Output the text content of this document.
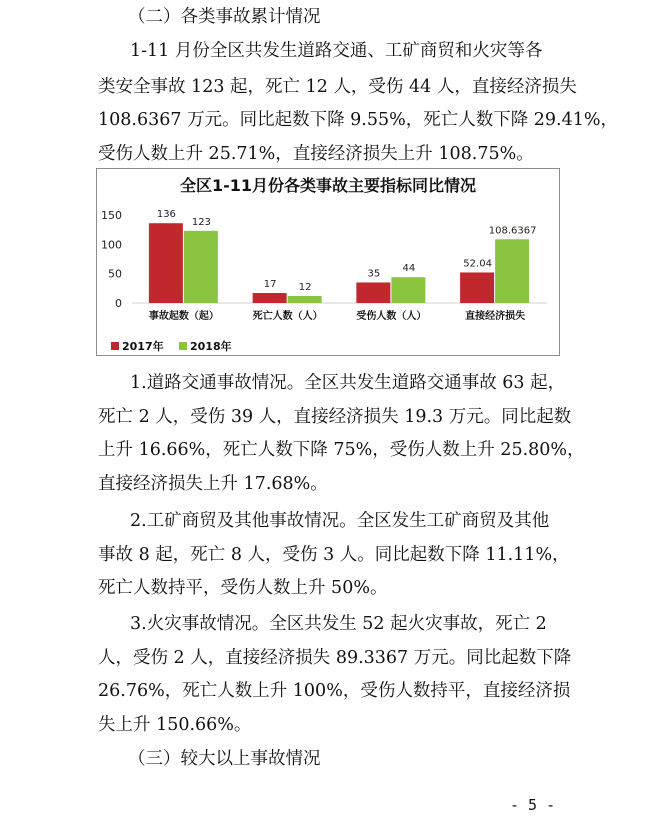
（二）各类事故累计情况
1-11 月份全区共发生道路交通、工矿商贸和火灾等各
类安全事故 123 起，死亡 12 人，受伤 44 人，直接经济损失
108.6367 万元。同比起数下降 9.55%，死亡人数下降 29.41%，
受伤人数上升 25.71%，直接经济损失上升 108.75%。
全区1-11月份各类事故主要指标同比情况
150
100
50
0
136
123
事故起数（起）
17 12
死亡人数（人）
35 44
受伤人数（人）
52.04
108.6367
直接经济损失
2017年 2018年
1.道路交通事故情况。全区共发生道路交通事故 63 起，
死亡 2 人，受伤 39 人，直接经济损失 19.3 万元。同比起数
上升 16.66%，死亡人数下降 75%，受伤人数上升 25.80%，
直接经济损失上升 17.68%。
2.工矿商贸及其他事故情况。全区发生工矿商贸及其他
事故 8 起，死亡 8 人，受伤 3 人。同比起数下降 11.11%，
死亡人数持平，受伤人数上升 50%。
3.火灾事故情况。全区共发生 52 起火灾事故，死亡 2
人，受伤 2 人，直接经济损失 89.3367 万元。同比起数下降
26.76%，死亡人数上升 100%，受伤人数持平，直接经济损
失上升 150.66%。
（三）较大以上事故情况
- 5 -
